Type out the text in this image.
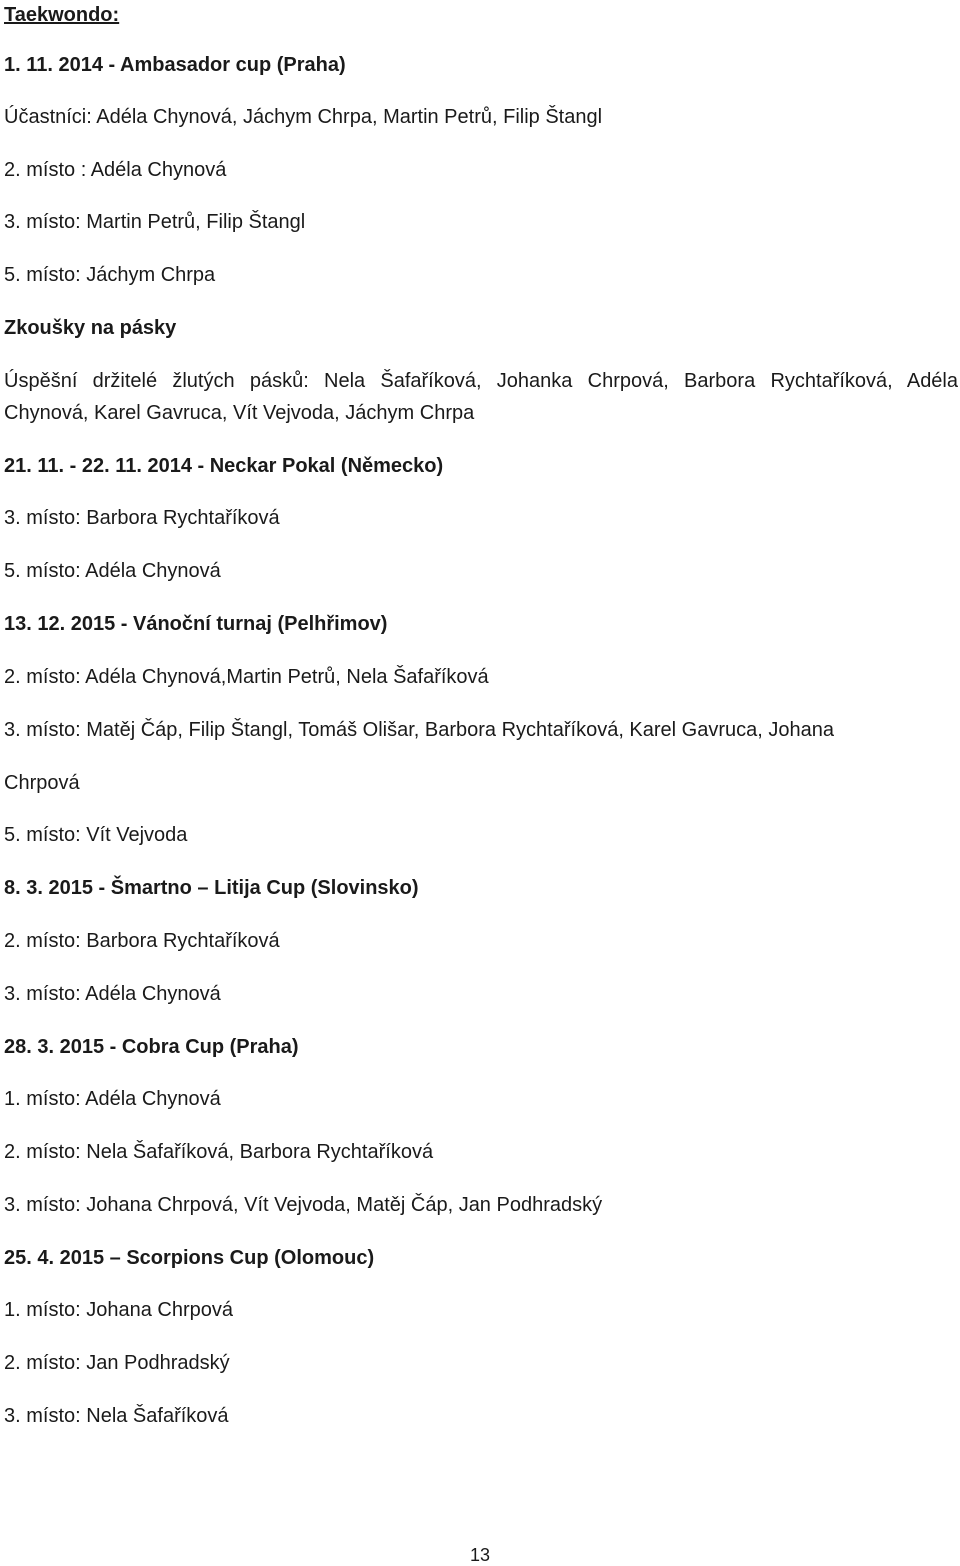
Taekwondo:
1. 11. 2014 - Ambasador cup (Praha)
Účastníci: Adéla Chynová, Jáchym Chrpa, Martin Petrů, Filip Štangl
2. místo : Adéla Chynová
3. místo: Martin Petrů, Filip Štangl
5. místo: Jáchym Chrpa
Zkoušky na pásky
Úspěšní držitelé žlutých pásků: Nela Šafaříková, Johanka Chrpová, Barbora Rychtaříková, Adéla
Chynová, Karel Gavruca, Vít Vejvoda, Jáchym Chrpa
21. 11. - 22. 11. 2014 - Neckar Pokal (Německo)
3. místo: Barbora Rychtaříková
5. místo: Adéla Chynová
13. 12. 2015 - Vánoční turnaj (Pelhřimov)
2. místo: Adéla Chynová,Martin Petrů, Nela Šafaříková
3. místo: Matěj Čáp, Filip Štangl, Tomáš Olišar, Barbora Rychtaříková, Karel Gavruca, Johana
Chrpová
5. místo: Vít Vejvoda
8. 3. 2015 - Šmartno – Litija Cup (Slovinsko)
2. místo: Barbora Rychtaříková
3. místo: Adéla Chynová
28. 3. 2015 - Cobra Cup (Praha)
1. místo: Adéla Chynová
2. místo: Nela Šafaříková, Barbora Rychtaříková
3. místo: Johana Chrpová, Vít Vejvoda, Matěj Čáp, Jan Podhradský
25. 4. 2015 – Scorpions Cup (Olomouc)
1. místo: Johana Chrpová
2. místo: Jan Podhradský
3. místo: Nela Šafaříková
13
